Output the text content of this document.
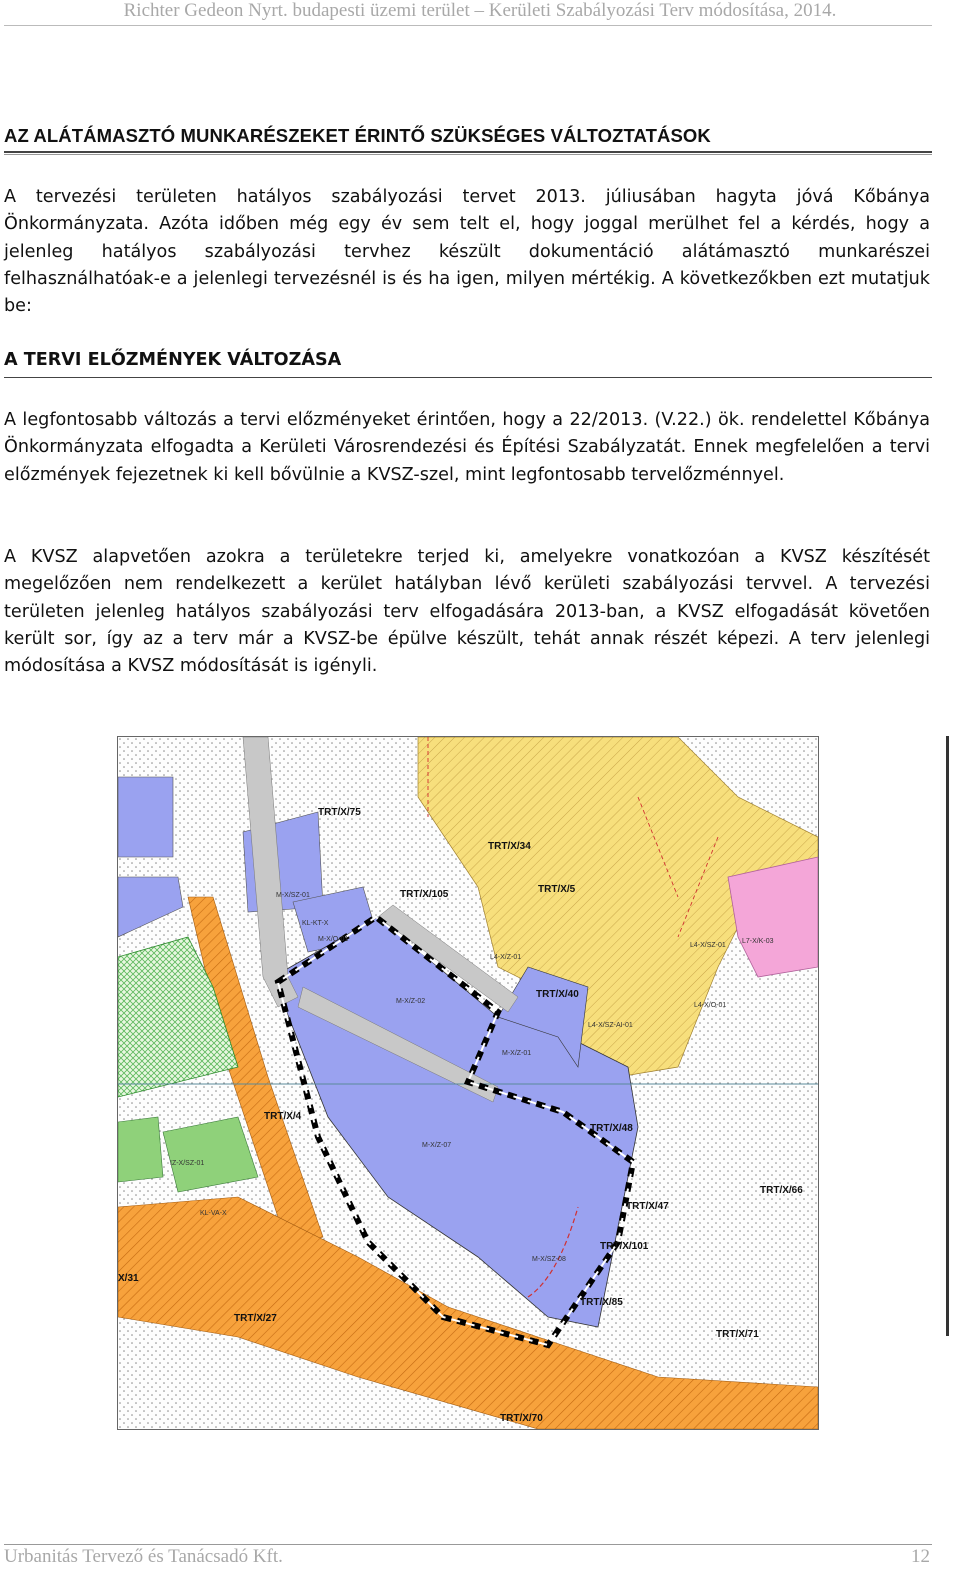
Richter Gedeon Nyrt. budapesti üzemi terület – Kerületi Szabályozási Terv módosítása, 2014.
AZ ALÁTÁMASZTÓ MUNKARÉSZEKET ÉRINTŐ SZÜKSÉGES VÁLTOZTATÁSOK
A tervezési területen hatályos szabályozási tervet 2013. júliusában hagyta jóvá Kőbánya Önkormányzata. Azóta időben még egy év sem telt el, hogy joggal merülhet fel a kérdés, hogy a jelenleg hatályos szabályozási tervhez készült dokumentáció alátámasztó munkarészei felhasználhatóak-e a jelenlegi tervezésnél is és ha igen, milyen mértékig. A következőkben ezt mutatjuk be:
A TERVI ELŐZMÉNYEK VÁLTOZÁSA
A legfontosabb változás a tervi előzményeket érintően, hogy a 22/2013. (V.22.) ök. rendelettel Kőbánya Önkormányzata elfogadta a Kerületi Városrendezési és Építési Szabályzatát. Ennek megfelelően a tervi előzmények fejezetnek ki kell bővülnie a KVSZ-szel, mint legfontosabb tervelőzménnyel.
A KVSZ alapvetően azokra a területekre terjed ki, amelyekre vonatkozóan a KVSZ készítését megelőzően nem rendelkezett a kerület hatályban lévő kerületi szabályozási tervvel. A tervezési területen jelenleg hatályos szabályozási terv elfogadására 2013-ban, a KVSZ elfogadását követően került sor, így az a terv már a KVSZ-be épülve készült, tehát annak részét képezi. A terv jelenlegi módosítása a KVSZ módosítását is igényli.
TRT/X/75
TRT/X/34
TRT/X/105	TRT/X/5
TRT/X/40
TRT/X/4
TRT/X/48
TRT/X/66
TRT/X/47
TRT/X/101
TRT/X/85
TRT/X/27
TRT/X/71
TRT/X/70
X/31
M-X/Z-02
M-X/Z-07
M-X/SZ-08
M-X/Z-01
M-X/SZ-01
M-X/O-01
KL-KT-X
L4-X/Z-01
L7-X/K-03
IZ-X/SZ-01
KL-VA-X
L4-X/SZ-01
L4-X/O-01
L4-X/SZ-AI-01
Urbanitás Tervező és Tanácsadó Kft.	12
